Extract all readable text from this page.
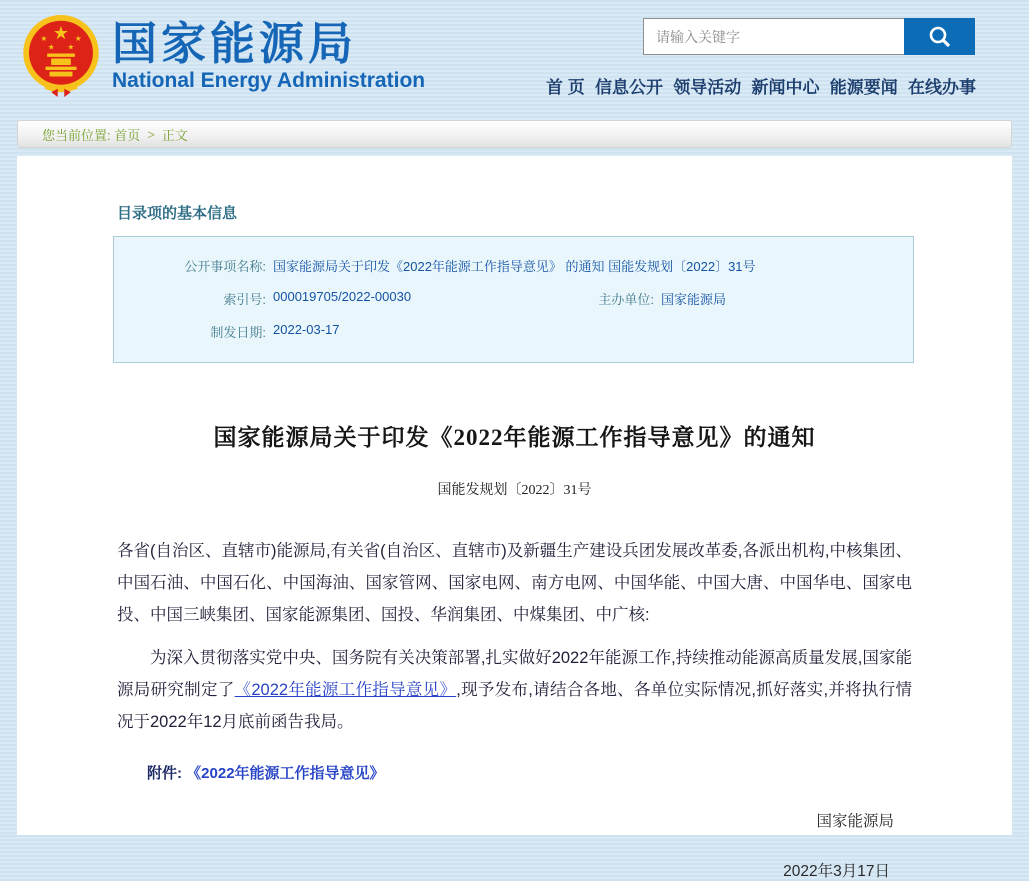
★
★	★
★ ★ 国家能源局
National Energy Administration
请输入关键字	首 页 信息公开 领导活动 新闻中心 能源要闻 在线办事
您当前位置:
首页 > 正文
目录项的基本信息
公开事项名称: 国家能源局关于印发《2022年能源工作指导意见》 的通知 国能发规划〔2022〕31号
索引号: 000019705/2022-00030	主办单位: 国家能源局
制发日期: 2022-03-17
国家能源局关于印发《2022年能源工作指导意见》的通知
国能发规划〔2022〕31号

各省(自治区、直辖市)能源局,有关省(自治区、直辖市)及新疆生产建设兵团发展改革委,各派出机构,中核集团、中国石油、中国石化、中国海油、国家管网、国家电网、南方电网、中国华能、中国大唐、中国华电、国家电投、中国三峡集团、国家能源集团、国投、华润集团、中煤集团、中广核:

为深入贯彻落实党中央、国务院有关决策部署,扎实做好2022年能源工作,持续推动能源高质量发展,国家能源局研究制定了《2022年能源工作指导意见》,现予发布,请结合各地、各单位实际情况,抓好落实,并将执行情况于2022年12月底前函告我局。

附件: 《2022年能源工作指导意见》
国家能源局
2022年3月17日
